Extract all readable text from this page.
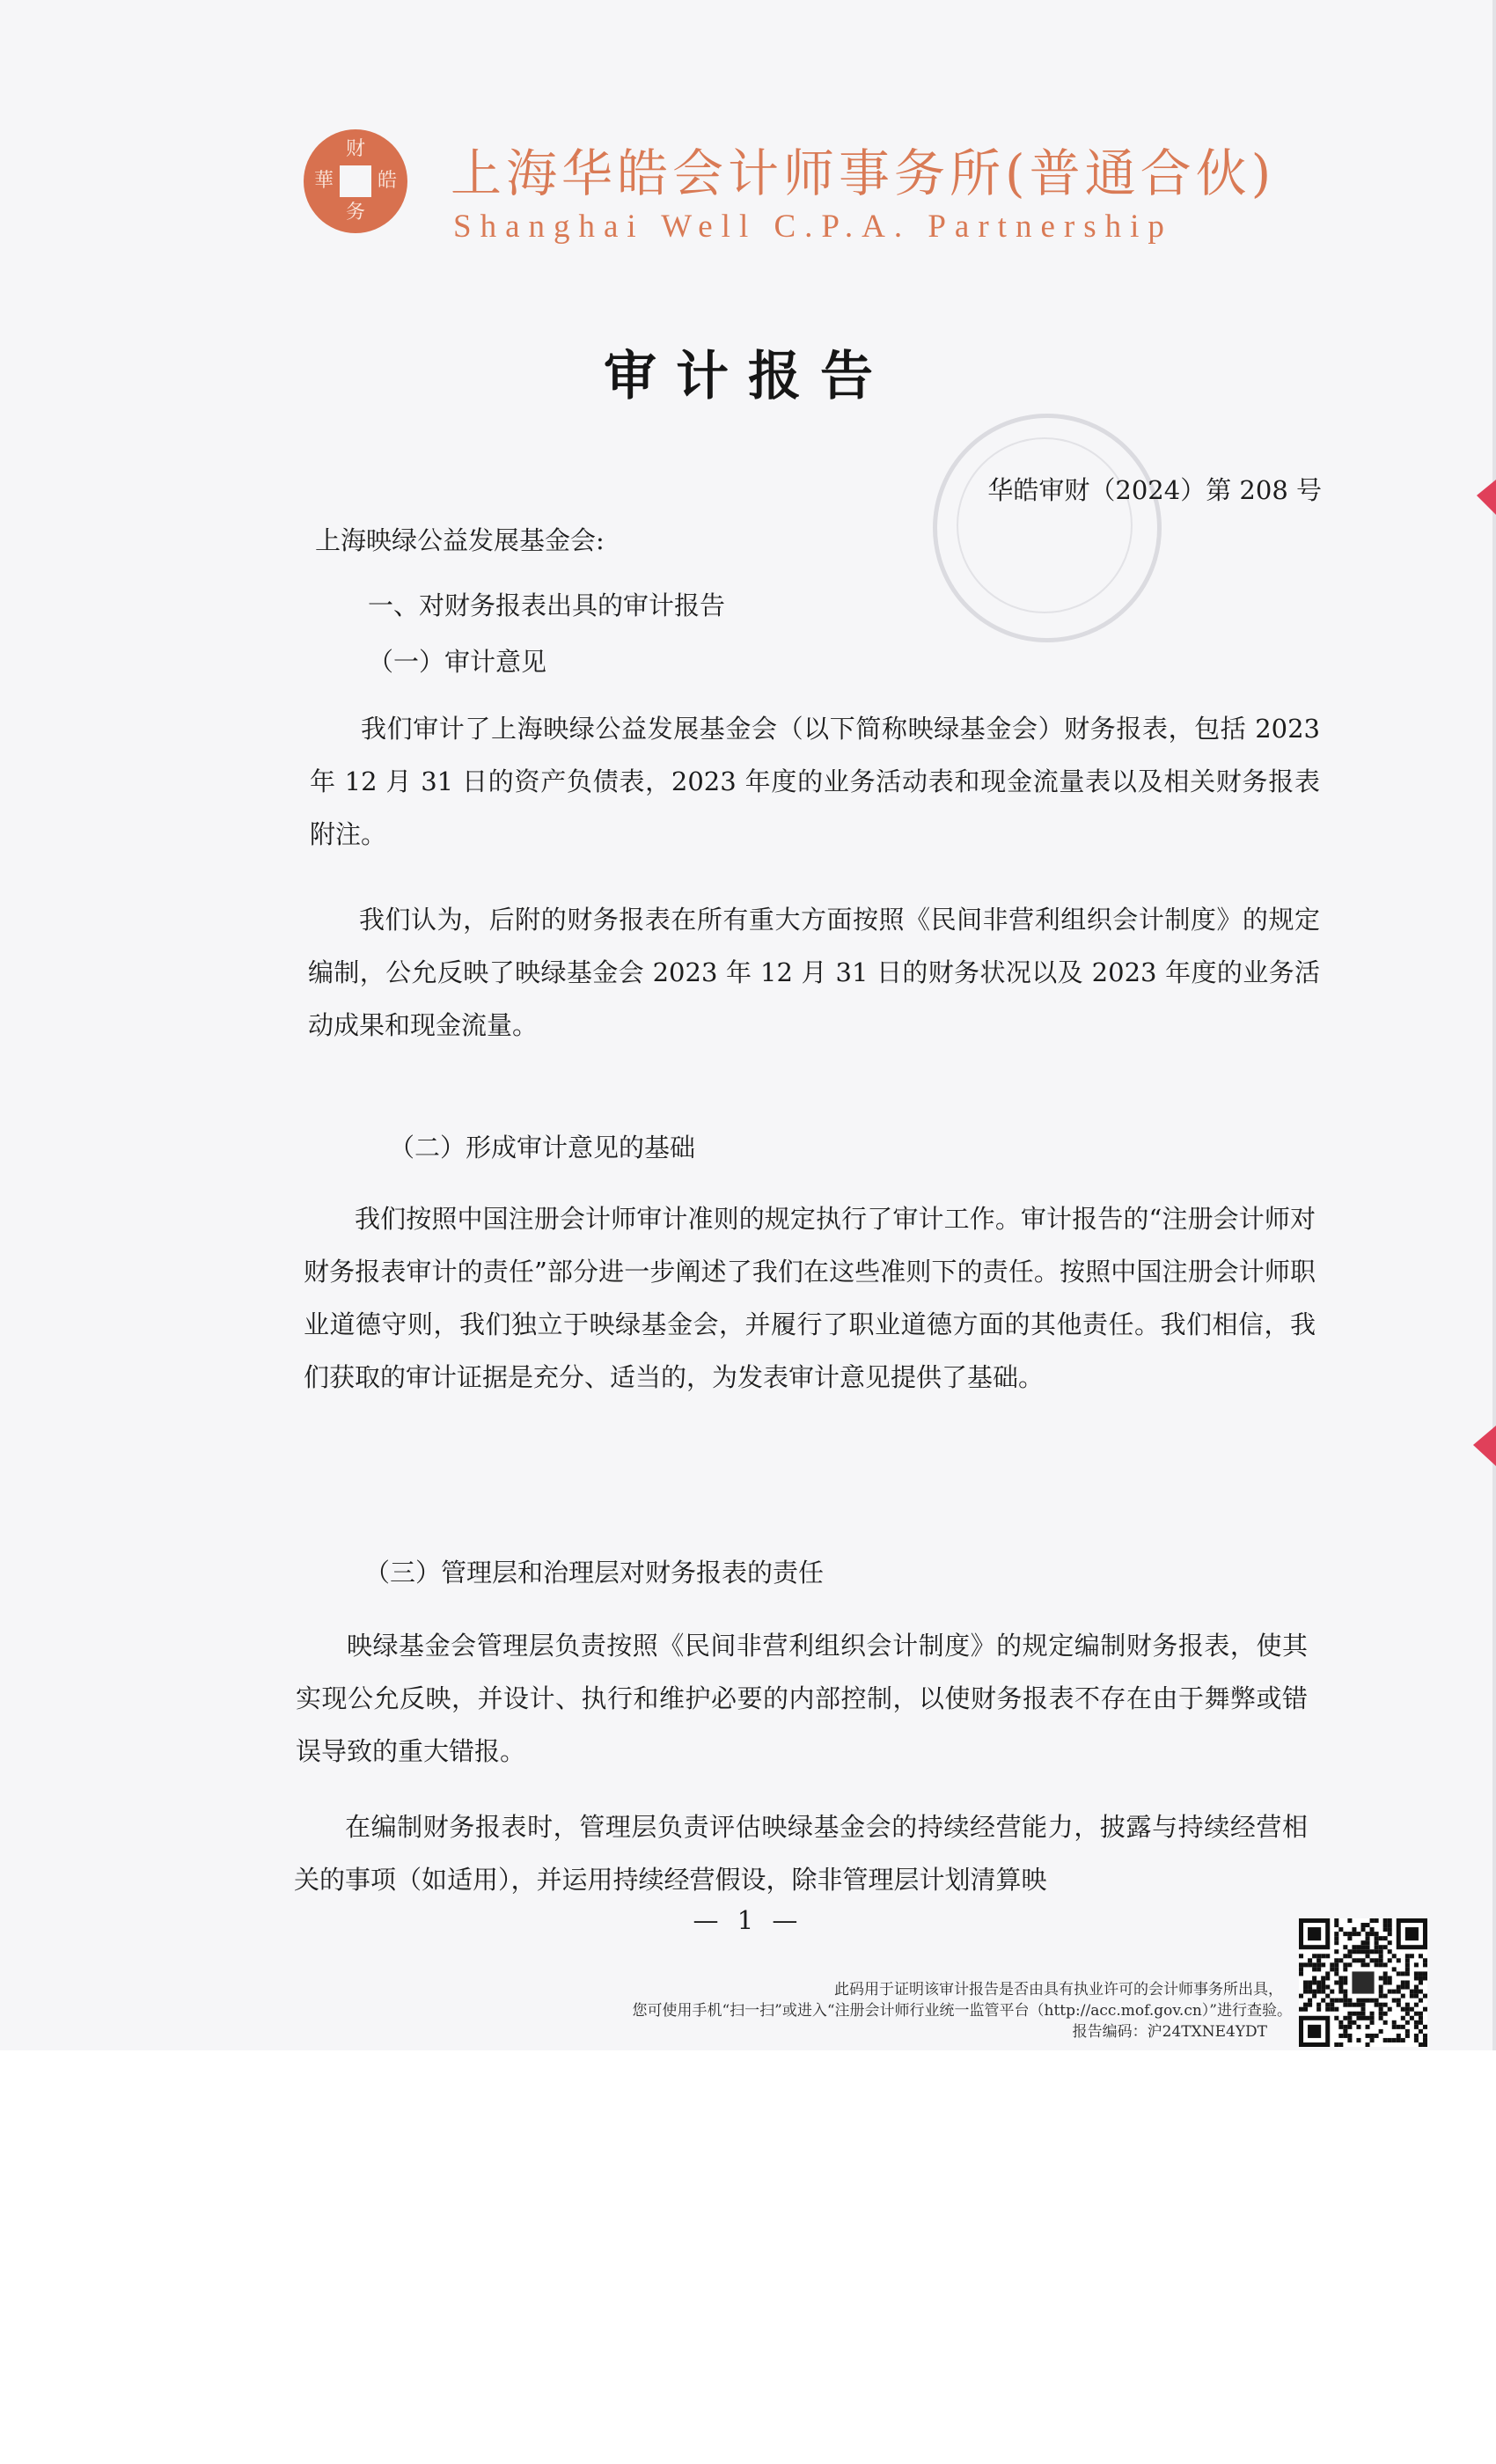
财
皓
务
華 上海华皓会计师事务所(普通合伙)
Shanghai Well C.P.A. Partnership
审计报告
华皓审财（2024）第 208 号
上海映绿公益发展基金会:
一、对财务报表出具的审计报告
（一）审计意见
我们审计了上海映绿公益发展基金会（以下简称映绿基金会）财务报表，包括 2023 年 12 月 31 日的资产负债表，2023 年度的业务活动表和现金流量表以及相关财务报表附注。
我们认为，后附的财务报表在所有重大方面按照《民间非营利组织会计制度》的规定编制，公允反映了映绿基金会 2023 年 12 月 31 日的财务状况以及 2023 年度的业务活动成果和现金流量。
（二）形成审计意见的基础
我们按照中国注册会计师审计准则的规定执行了审计工作。审计报告的“注册会计师对财务报表审计的责任”部分进一步阐述了我们在这些准则下的责任。按照中国注册会计师职业道德守则，我们独立于映绿基金会，并履行了职业道德方面的其他责任。我们相信，我们获取的审计证据是充分、适当的，为发表审计意见提供了基础。
（三）管理层和治理层对财务报表的责任
映绿基金会管理层负责按照《民间非营利组织会计制度》的规定编制财务报表，使其实现公允反映，并设计、执行和维护必要的内部控制，以使财务报表不存在由于舞弊或错误导致的重大错报。
在编制财务报表时，管理层负责评估映绿基金会的持续经营能力，披露与持续经营相关的事项（如适用），并运用持续经营假设，除非管理层计划清算映
— 1 —
此码用于证明该审计报告是否由具有执业许可的会计师事务所出具，
您可使用手机“扫一扫”或进入“注册会计师行业统一监管平台（http://acc.mof.gov.cn）”进行查验。
报告编码：沪24TXNE4YDT
